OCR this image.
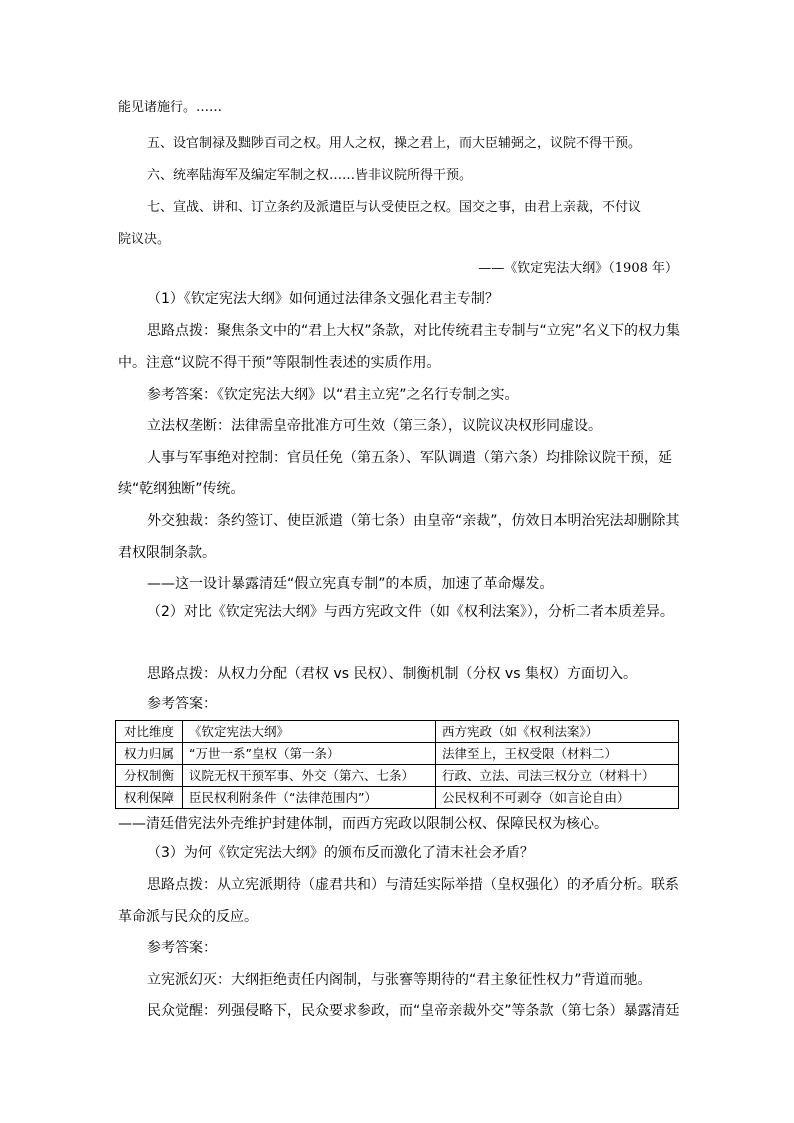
能见诸施行。……
五、设官制禄及黜陟百司之权。用人之权，操之君上，而大臣辅弼之，议院不得干预。
六、统率陆海军及编定军制之权……皆非议院所得干预。
七、宣战、讲和、订立条约及派遣臣与认受使臣之权。国交之事，由君上亲裁，不付议
院议决。
——《钦定宪法大纲》（1908 年）
（1）《钦定宪法大纲》如何通过法律条文强化君主专制？
思路点拨：聚焦条文中的“君上大权”条款，对比传统君主专制与“立宪”名义下的权力集
中。注意“议院不得干预”等限制性表述的实质作用。
参考答案：《钦定宪法大纲》以“君主立宪”之名行专制之实。
立法权垄断：法律需皇帝批准方可生效（第三条），议院议决权形同虚设。
人事与军事绝对控制：官员任免（第五条）、军队调遣（第六条）均排除议院干预，延
续“乾纲独断”传统。
外交独裁：条约签订、使臣派遣（第七条）由皇帝“亲裁”，仿效日本明治宪法却删除其
君权限制条款。
——这一设计暴露清廷“假立宪真专制”的本质，加速了革命爆发。
（2）对比《钦定宪法大纲》与西方宪政文件（如《权利法案》），分析二者本质差异。
思路点拨：从权力分配（君权 vs 民权）、制衡机制（分权 vs 集权）方面切入。
参考答案：
对比维度	《钦定宪法大纲》	西方宪政（如《权利法案》）
权力归属	“万世一系”皇权（第一条）	法律至上，王权受限（材料二）
分权制衡	议院无权干预军事、外交（第六、七条）	行政、立法、司法三权分立（材料十）
权利保障	臣民权利附条件（“法律范围内”）	公民权利不可剥夺（如言论自由）
——清廷借宪法外壳维护封建体制，而西方宪政以限制公权、保障民权为核心。
（3）为何《钦定宪法大纲》的颁布反而激化了清末社会矛盾？
思路点拨：从立宪派期待（虚君共和）与清廷实际举措（皇权强化）的矛盾分析。联系
革命派与民众的反应。
参考答案：
立宪派幻灭：大纲拒绝责任内阁制，与张謇等期待的“君主象征性权力”背道而驰。
民众觉醒：列强侵略下，民众要求参政，而“皇帝亲裁外交”等条款（第七条）暴露清廷
